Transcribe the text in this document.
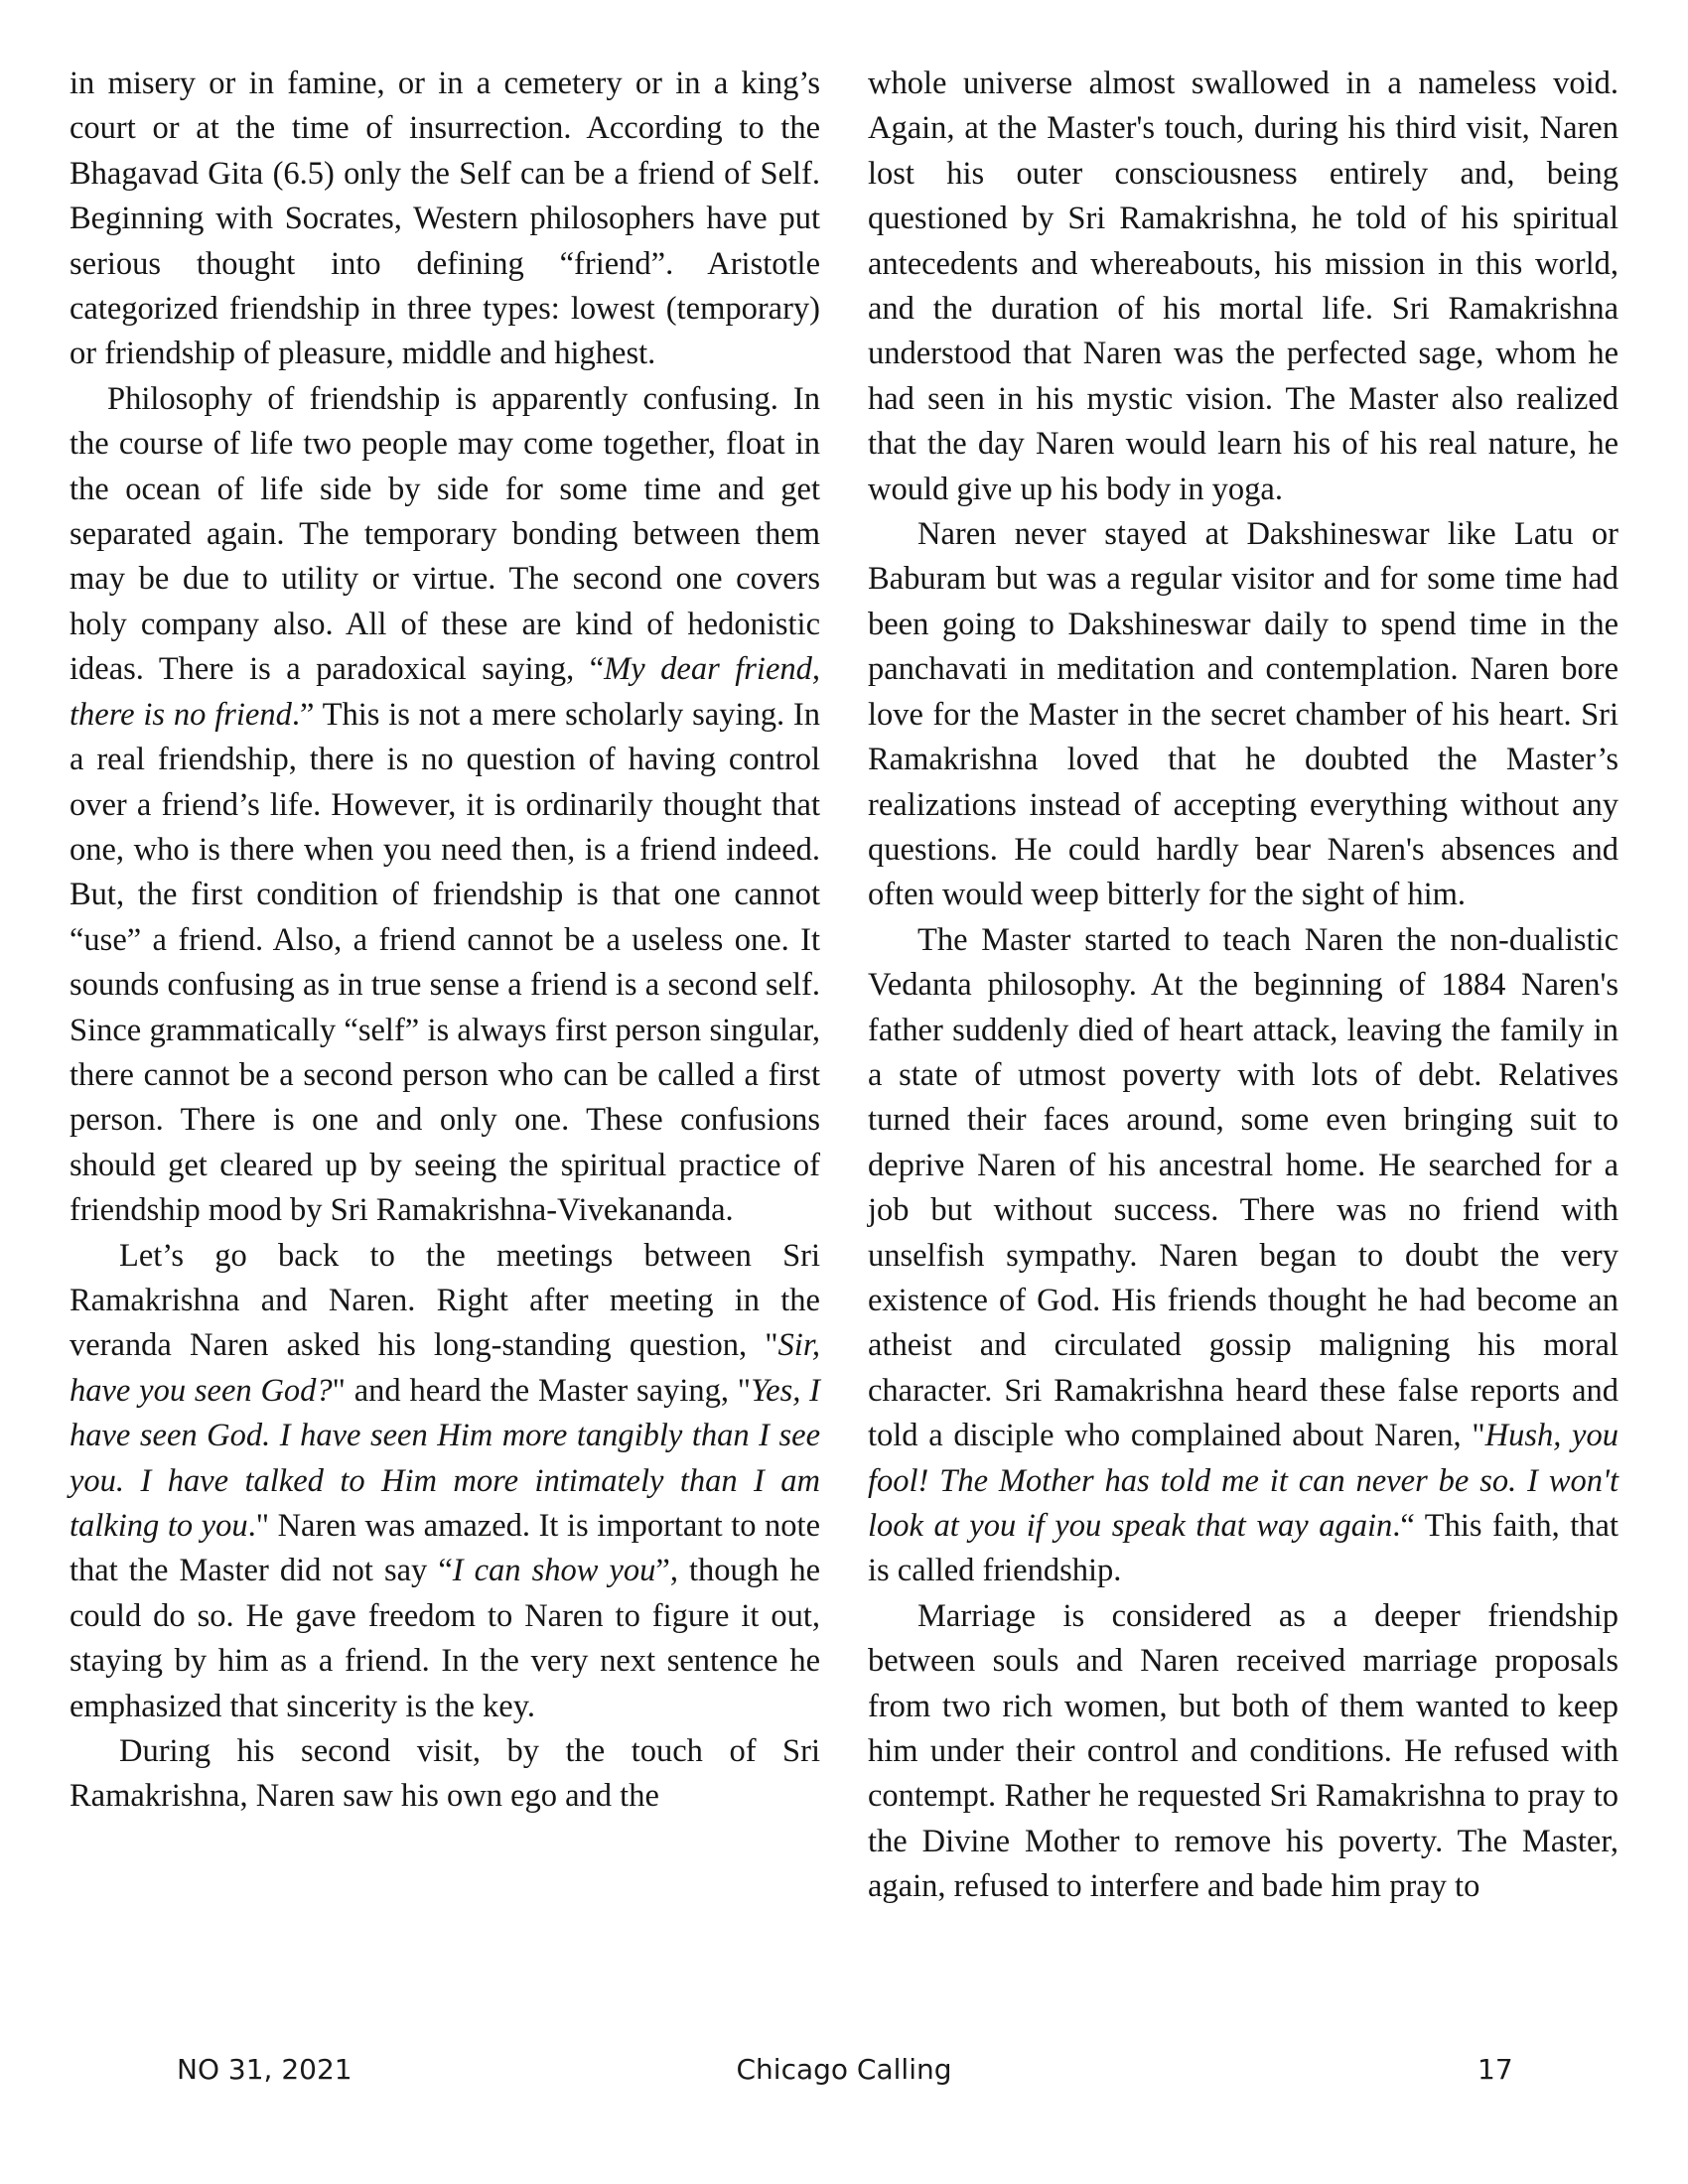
in misery or in famine, or in a cemetery or in a king’s court or at the time of insurrection. According to the Bhagavad Gita (6.5) only the Self can be a friend of Self. Beginning with Socrates, Western philosophers have put serious thought into defining “friend”. Aristotle categorized friendship in three types: lowest (temporary) or friendship of pleasure, middle and highest.

Philosophy of friendship is apparently confusing. In the course of life two people may come together, float in the ocean of life side by side for some time and get separated again. The temporary bonding between them may be due to utility or virtue. The second one covers holy company also. All of these are kind of hedonistic ideas. There is a paradoxical saying, “My dear friend, there is no friend.” This is not a mere scholarly saying. In a real friendship, there is no question of having control over a friend’s life. However, it is ordinarily thought that one, who is there when you need then, is a friend indeed. But, the first condition of friendship is that one cannot “use” a friend. Also, a friend cannot be a useless one. It sounds confusing as in true sense a friend is a second self. Since grammatically “self” is always first person singular, there cannot be a second person who can be called a first person. There is one and only one. These confusions should get cleared up by seeing the spiritual practice of friendship mood by Sri Ramakrishna-Vivekananda.

Let’s go back to the meetings between Sri Ramakrishna and Naren. Right after meeting in the veranda Naren asked his long-standing question, "Sir, have you seen God?" and heard the Master saying, "Yes, I have seen God. I have seen Him more tangibly than I see you. I have talked to Him more intimately than I am talking to you." Naren was amazed. It is important to note that the Master did not say “I can show you”, though he could do so. He gave freedom to Naren to figure it out, staying by him as a friend. In the very next sentence he emphasized that sincerity is the key.

During his second visit, by the touch of Sri Ramakrishna, Naren saw his own ego and the

whole universe almost swallowed in a nameless void. Again, at the Master's touch, during his third visit, Naren lost his outer consciousness entirely and, being questioned by Sri Ramakrishna, he told of his spiritual antecedents and whereabouts, his mission in this world, and the duration of his mortal life. Sri Ramakrishna understood that Naren was the perfected sage, whom he had seen in his mystic vision. The Master also realized that the day Naren would learn his of his real nature, he would give up his body in yoga.

Naren never stayed at Dakshineswar like Latu or Baburam but was a regular visitor and for some time had been going to Dakshineswar daily to spend time in the panchavati in meditation and contemplation. Naren bore love for the Master in the secret chamber of his heart. Sri Ramakrishna loved that he doubted the Master’s realizations instead of accepting everything without any questions. He could hardly bear Naren's absences and often would weep bitterly for the sight of him.

The Master started to teach Naren the non-dualistic Vedanta philosophy. At the beginning of 1884 Naren's father suddenly died of heart attack, leaving the family in a state of utmost poverty with lots of debt. Relatives turned their faces around, some even bringing suit to deprive Naren of his ancestral home. He searched for a job but without success. There was no friend with unselfish sympathy. Naren began to doubt the very existence of God. His friends thought he had become an atheist and circulated gossip maligning his moral character. Sri Ramakrishna heard these false reports and told a disciple who complained about Naren, "Hush, you fool! The Mother has told me it can never be so. I won't look at you if you speak that way again.“ This faith, that is called friendship.

Marriage is considered as a deeper friendship between souls and Naren received marriage proposals from two rich women, but both of them wanted to keep him under their control and conditions. He refused with contempt. Rather he requested Sri Ramakrishna to pray to the Divine Mother to remove his poverty. The Master, again, refused to interfere and bade him pray to

Chicago Calling
NO 31, 2021	17
